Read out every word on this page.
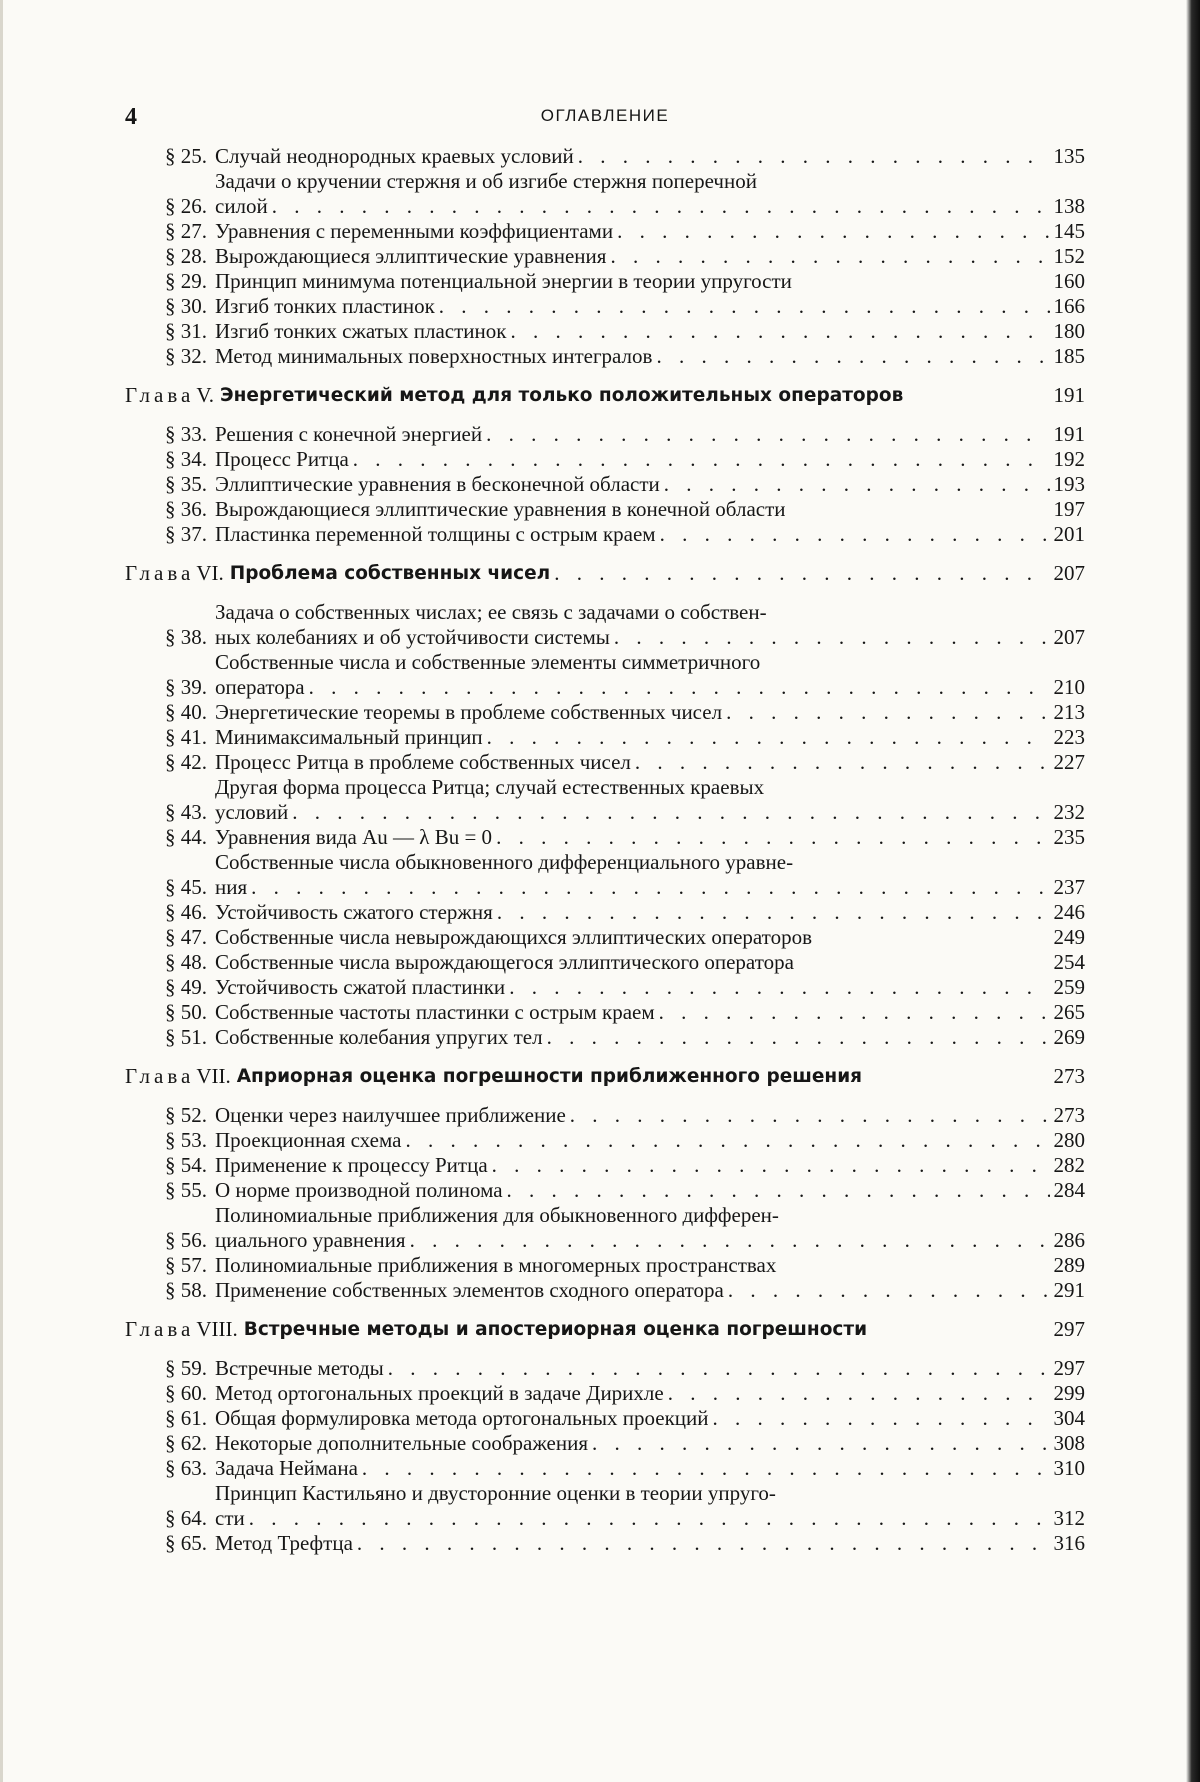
4	ОГЛАВЛЕНИЕ
§ 25. Случай неоднородных краевых условий . . .	135
§ 26.
Задачи о кручении стержня и об изгибе стержня поперечной
силой . . .	138
§ 27. Уравнения с переменными коэффициентами . . .	145
§ 28. Вырождающиеся эллиптические уравнения . . .	152
§ 29. Принцип минимума потенциальной энергии в теории упругости	160
§ 30. Изгиб тонких пластинок . . .	166
§ 31. Изгиб тонких сжатых пластинок . . .	180
§ 32. Метод минимальных поверхностных интегралов . . .	185
Глава V. Энергетический метод для только положительных операторов	191
§ 33. Решения с конечной энергией . . .	191
§ 34. Процесс Ритца . . .	192
§ 35. Эллиптические уравнения в бесконечной области . . .	193
§ 36. Вырождающиеся эллиптические уравнения в конечной области	197
§ 37. Пластинка переменной толщины с острым краем . . .	201
Глава VI. Проблема собственных чисел . . .	207
§ 38.
Задача о собственных числах; ее связь с задачами о собствен-
ных колебаниях и об устойчивости системы . . .	207
§ 39.
Собственные числа и собственные элементы симметричного
оператора . . .	210
§ 40. Энергетические теоремы в проблеме собственных чисел . . .	213
§ 41. Минимаксимальный принцип . . .	223
§ 42. Процесс Ритца в проблеме собственных чисел . . .	227
§ 43.
Другая форма процесса Ритца; случай естественных краевых
условий . . .	232
§ 44. Уравнения вида Au — λ Bu = 0 . . .	235
§ 45.
Собственные числа обыкновенного дифференциального уравне-
ния . . .	237
§ 46. Устойчивость сжатого стержня . . .	246
§ 47. Собственные числа невырождающихся эллиптических операторов	249
§ 48. Собственные числа вырождающегося эллиптического оператора	254
§ 49. Устойчивость сжатой пластинки . . .	259
§ 50. Собственные частоты пластинки с острым краем . . .	265
§ 51. Собственные колебания упругих тел . . .	269
Глава VII. Априорная оценка погрешности приближенного решения	273
§ 52. Оценки через наилучшее приближение . . .	273
§ 53. Проекционная схема . . .	280
§ 54. Применение к процессу Ритца . . .	282
§ 55. О норме производной полинома . . .	284
§ 56.
Полиномиальные приближения для обыкновенного дифферен-
циального уравнения . . .	286
§ 57. Полиномиальные приближения в многомерных пространствах	289
§ 58. Применение собственных элементов сходного оператора . . .	291
Глава VIII. Встречные методы и апостериорная оценка погрешности	297
§ 59. Встречные методы . . .	297
§ 60. Метод ортогональных проекций в задаче Дирихле . . .	299
§ 61. Общая формулировка метода ортогональных проекций . . .	304
§ 62. Некоторые дополнительные соображения . . .	308
§ 63. Задача Неймана . . .	310
§ 64.
Принцип Кастильяно и двусторонние оценки в теории упруго-
сти . . .	312
§ 65. Метод Трефтца . . .	316
